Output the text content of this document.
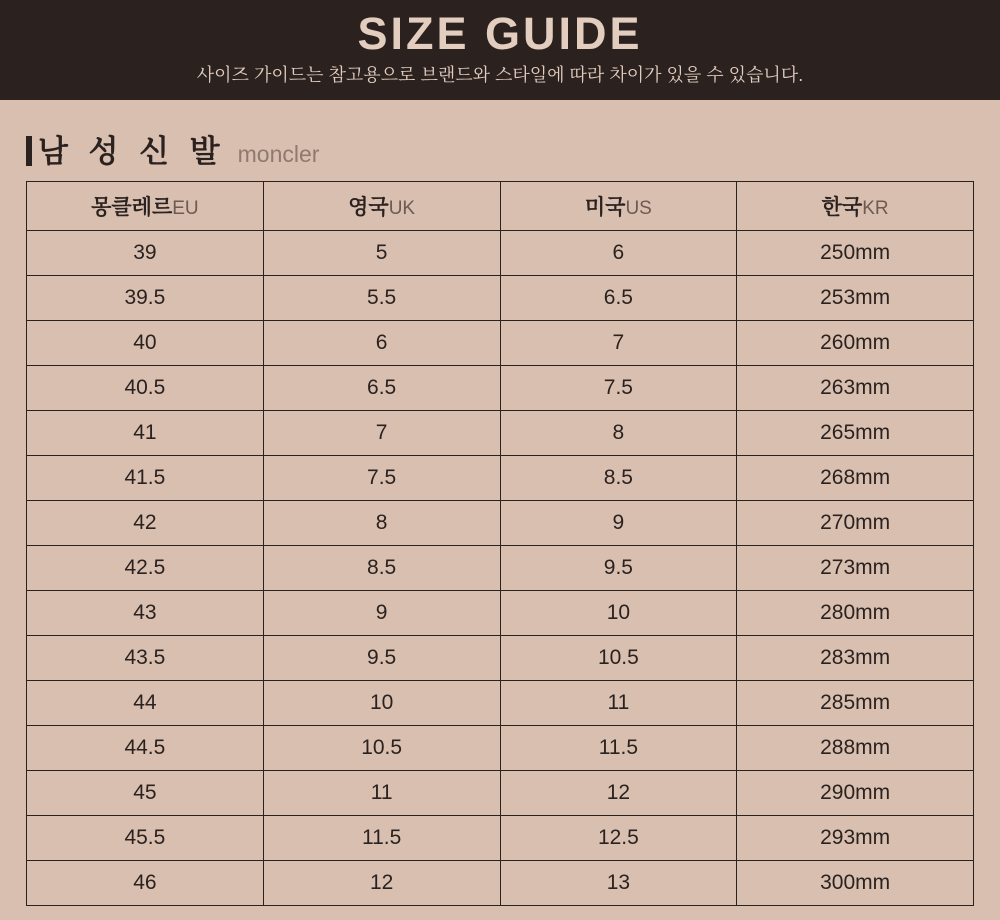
SIZE GUIDE
사이즈 가이드는 참고용으로 브랜드와 스타일에 따라 차이가 있을 수 있습니다.
남 성 신 발 moncler
몽클레르EU	영국UK	미국US	한국KR
39	5	6	250mm
39.5	5.5	6.5	253mm
40	6	7	260mm
40.5	6.5	7.5	263mm
41	7	8	265mm
41.5	7.5	8.5	268mm
42	8	9	270mm
42.5	8.5	9.5	273mm
43	9	10	280mm
43.5	9.5	10.5	283mm
44	10	11	285mm
44.5	10.5	11.5	288mm
45	11	12	290mm
45.5	11.5	12.5	293mm
46	12	13	300mm
